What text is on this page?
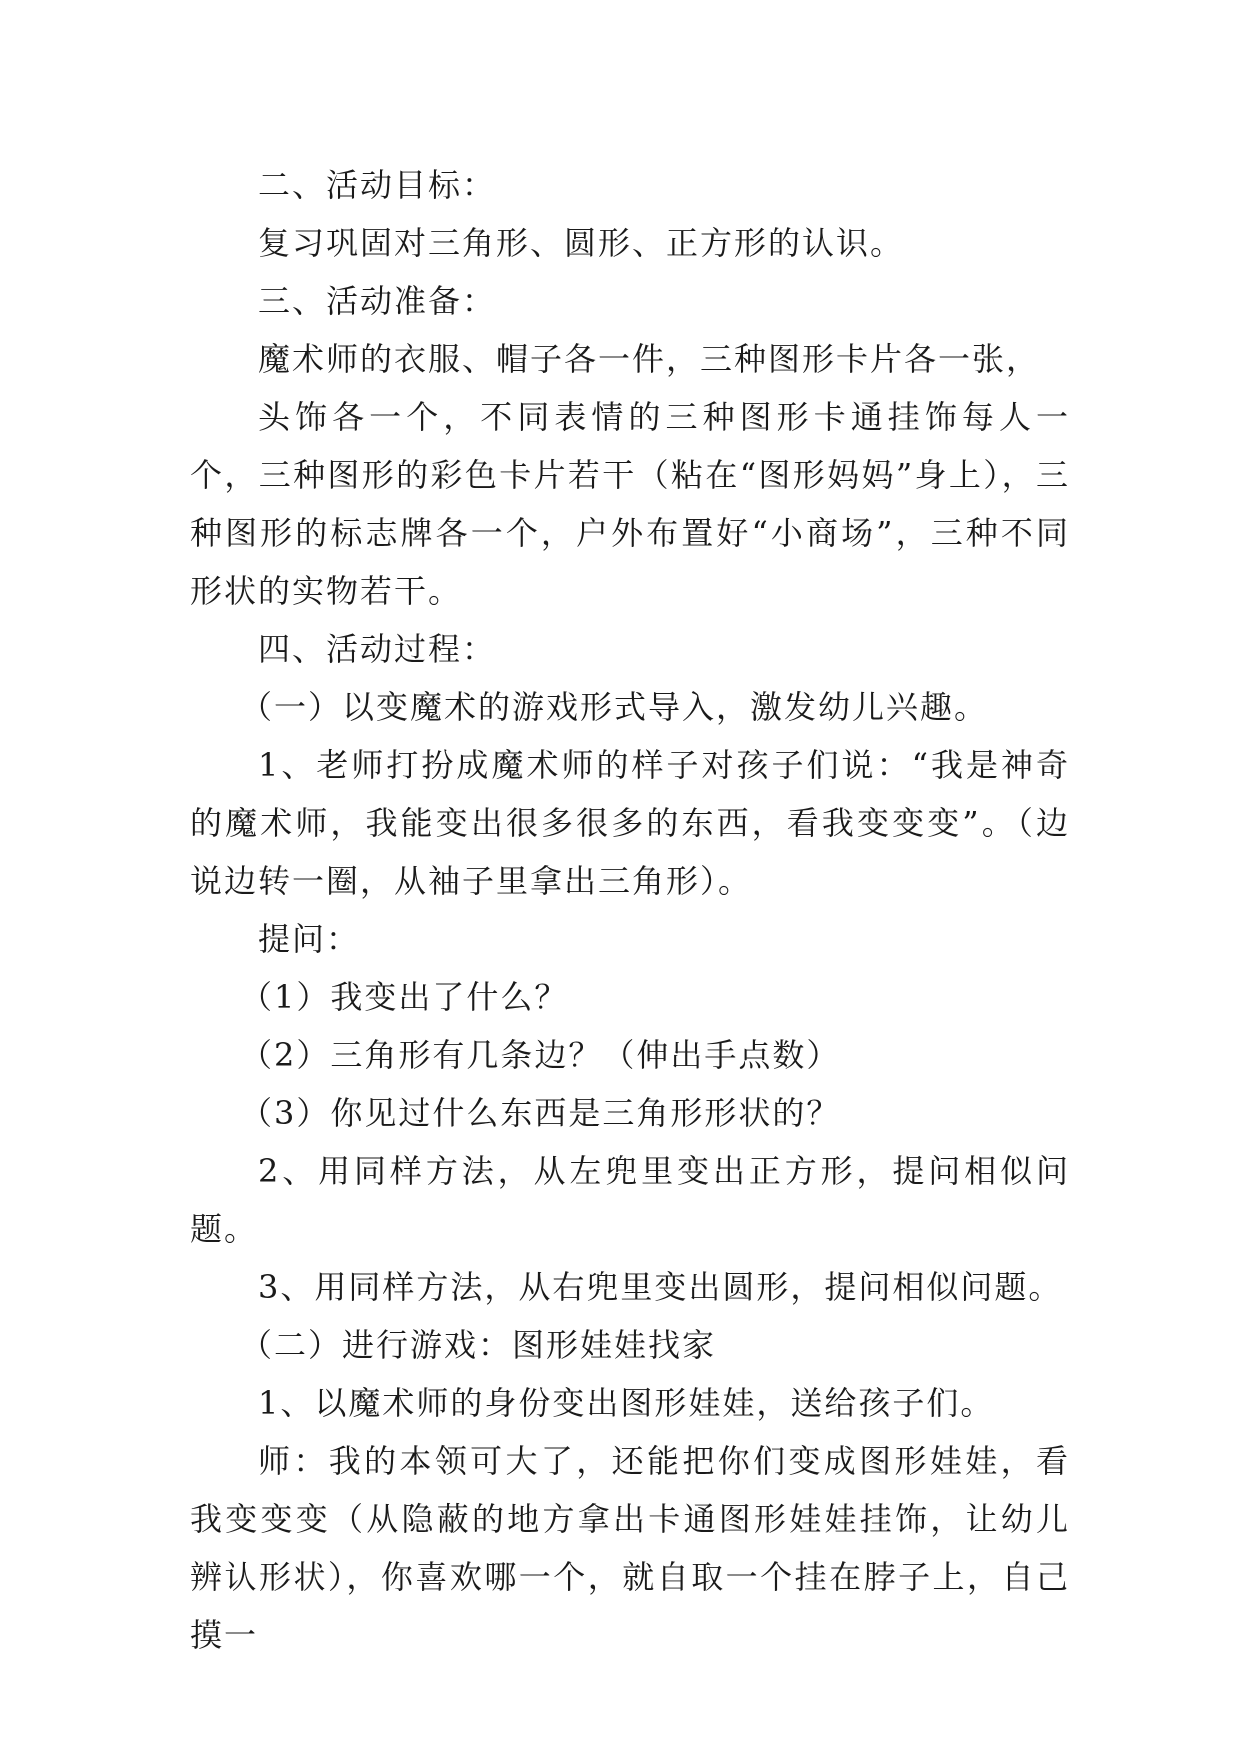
二、活动目标：

复习巩固对三角形、圆形、正方形的认识。

三、活动准备：

魔术师的衣服、帽子各一件，三种图形卡片各一张，

头饰各一个，不同表情的三种图形卡通挂饰每人一个，三种图形的彩色卡片若干（粘在“图形妈妈”身上），三种图形的标志牌各一个，户外布置好“小商场”，三种不同形状的实物若干。

四、活动过程：

（一）以变魔术的游戏形式导入，激发幼儿兴趣。

1、老师打扮成魔术师的样子对孩子们说：“我是神奇的魔术师，我能变出很多很多的东西，看我变变变”。（边说边转一圈，从袖子里拿出三角形）。

提问：

（1）我变出了什么？

（2）三角形有几条边？（伸出手点数）

（3）你见过什么东西是三角形形状的？

2、用同样方法，从左兜里变出正方形，提问相似问题。

3、用同样方法，从右兜里变出圆形，提问相似问题。

（二）进行游戏：图形娃娃找家

1、以魔术师的身份变出图形娃娃，送给孩子们。

师：我的本领可大了，还能把你们变成图形娃娃，看我变变变（从隐蔽的地方拿出卡通图形娃娃挂饰，让幼儿辨认形状），你喜欢哪一个，就自取一个挂在脖子上，自己摸一
